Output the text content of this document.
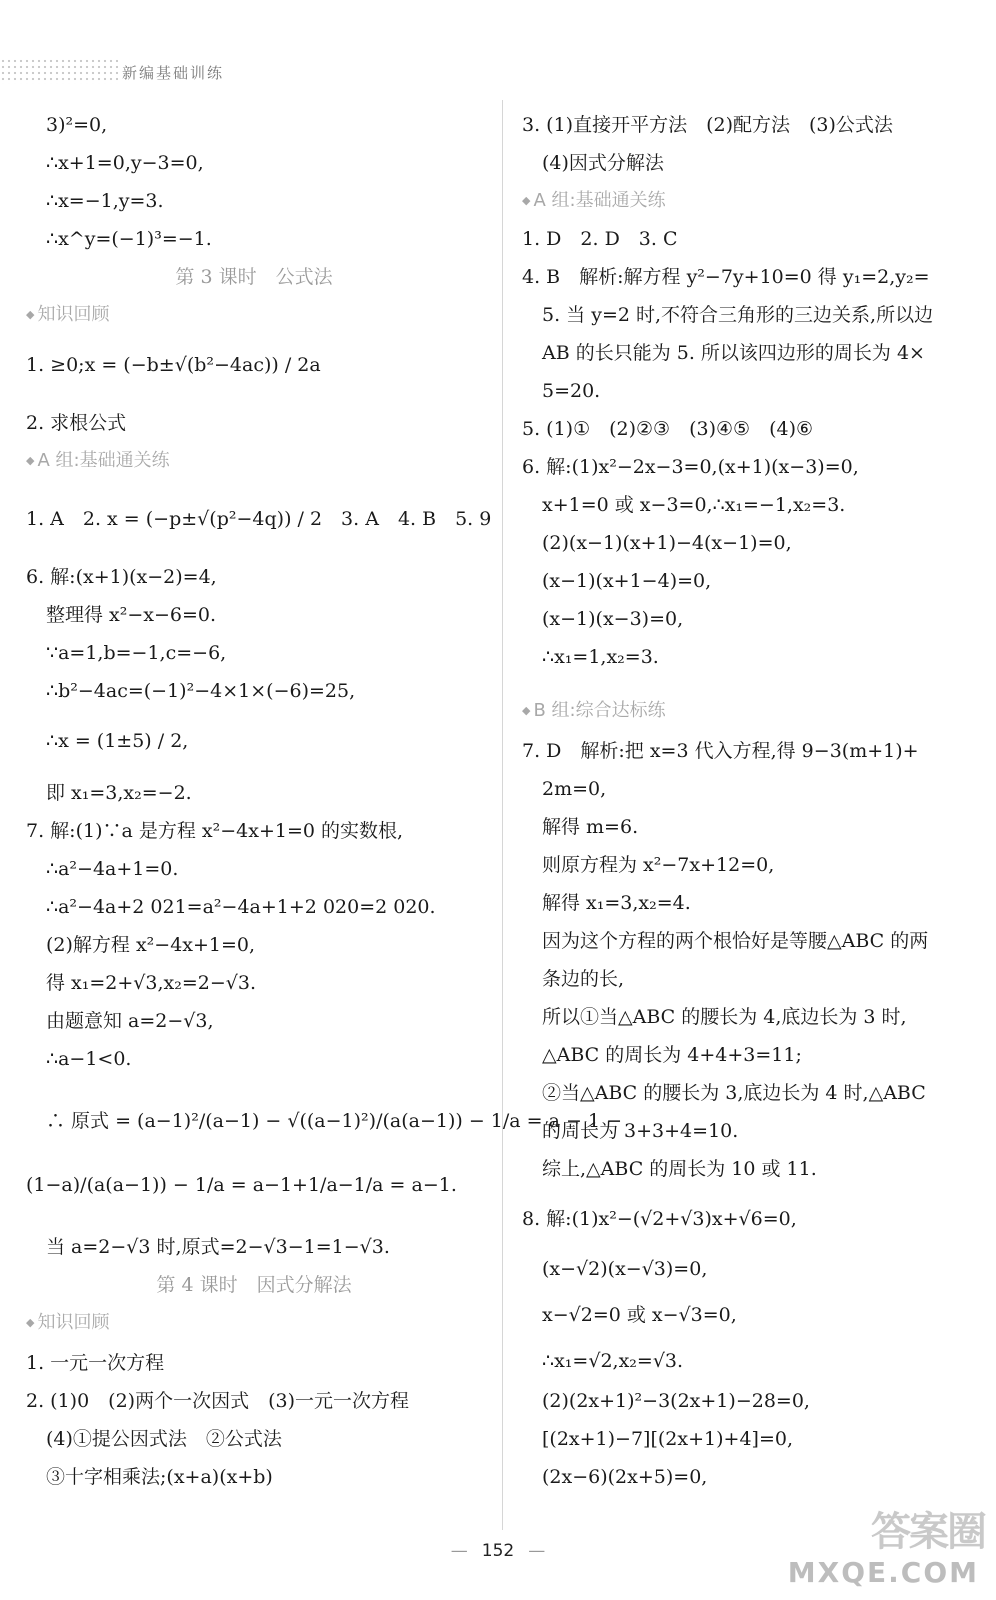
新编基础训练
3)²=0,
∴x+1=0,y−3=0,
∴x=−1,y=3.
∴x^y=(−1)³=−1.
第 3 课时　公式法
◆ 知识回顾
1. ≥0;x = (−b±√(b²−4ac)) / 2a
2. 求根公式
◆ A 组:基础通关练
1. A　2. x = (−p±√(p²−4q)) / 2　3. A　4. B　5. 9
6. 解:(x+1)(x−2)=4,
整理得 x²−x−6=0.
∵a=1,b=−1,c=−6,
∴b²−4ac=(−1)²−4×1×(−6)=25,
∴x = (1±5) / 2,
即 x₁=3,x₂=−2.
7. 解:(1)∵a 是方程 x²−4x+1=0 的实数根,
∴a²−4a+1=0.
∴a²−4a+2 021=a²−4a+1+2 020=2 020.
(2)解方程 x²−4x+1=0,
得 x₁=2+√3,x₂=2−√3.
由题意知 a=2−√3,
∴a−1<0.
∴ 原式 = (a−1)²/(a−1) − √((a−1)²)/(a(a−1)) − 1/a = a − 1 −
(1−a)/(a(a−1)) − 1/a = a−1+1/a−1/a = a−1.
当 a=2−√3 时,原式=2−√3−1=1−√3.
第 4 课时　因式分解法
◆ 知识回顾
1. 一元一次方程
2. (1)0　(2)两个一次因式　(3)一元一次方程
(4)①提公因式法　②公式法
③十字相乘法;(x+a)(x+b)
3. (1)直接开平方法　(2)配方法　(3)公式法
(4)因式分解法
◆ A 组:基础通关练
1. D　2. D　3. C
4. B　解析:解方程 y²−7y+10=0 得 y₁=2,y₂=
5. 当 y=2 时,不符合三角形的三边关系,所以边
AB 的长只能为 5. 所以该四边形的周长为 4×
5=20.
5. (1)①　(2)②③　(3)④⑤　(4)⑥
6. 解:(1)x²−2x−3=0,(x+1)(x−3)=0,
x+1=0 或 x−3=0,∴x₁=−1,x₂=3.
(2)(x−1)(x+1)−4(x−1)=0,
(x−1)(x+1−4)=0,
(x−1)(x−3)=0,
∴x₁=1,x₂=3.
◆ B 组:综合达标练
7. D　解析:把 x=3 代入方程,得 9−3(m+1)+
2m=0,
解得 m=6.
则原方程为 x²−7x+12=0,
解得 x₁=3,x₂=4.
因为这个方程的两个根恰好是等腰△ABC 的两
条边的长,
所以①当△ABC 的腰长为 4,底边长为 3 时,
△ABC 的周长为 4+4+3=11;
②当△ABC 的腰长为 3,底边长为 4 时,△ABC
的周长为 3+3+4=10.
综上,△ABC 的周长为 10 或 11.
8. 解:(1)x²−(√2+√3)x+√6=0,
(x−√2)(x−√3)=0,
x−√2=0 或 x−√3=0,
∴x₁=√2,x₂=√3.
(2)(2x+1)²−3(2x+1)−28=0,
[(2x+1)−7][(2x+1)+4]=0,
(2x−6)(2x+5)=0,
— 152 —	答案圈
MXQE.COM
